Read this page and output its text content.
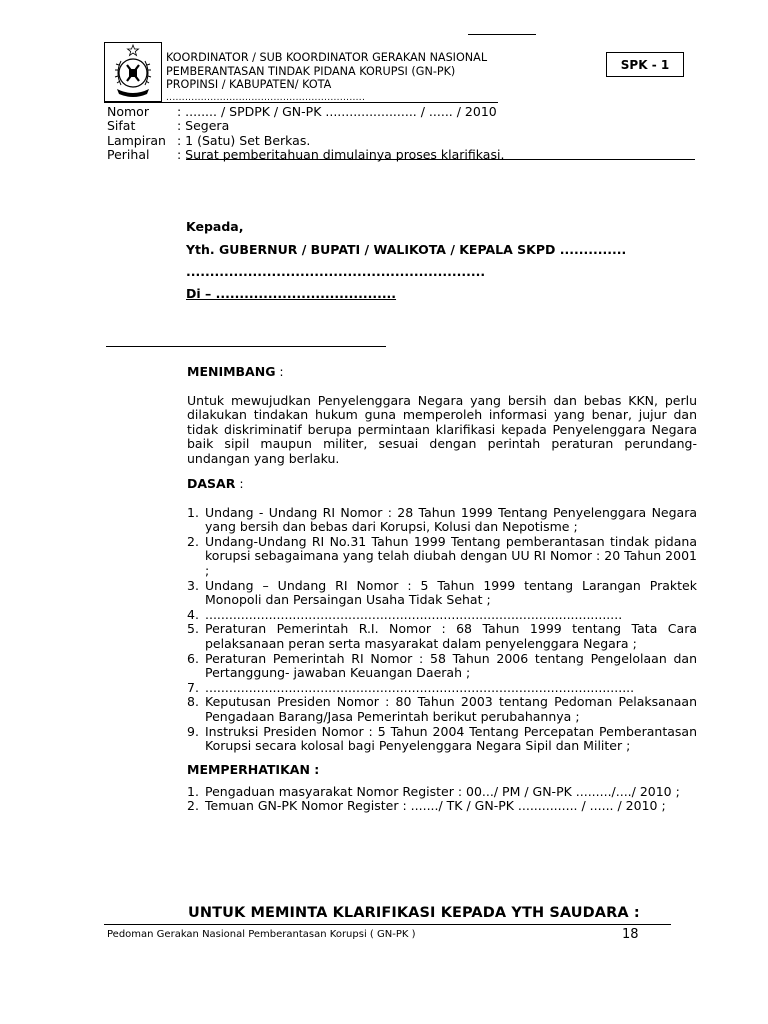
KOORDINATOR / SUB KOORDINATOR GERAKAN NASIONAL
PEMBERANTASAN TINDAK PIDANA KORUPSI (GN-PK)
PROPINSI / KABUPATEN/ KOTA
...............................................................
SPK - 1
Nomor	: ........ / SPDPK / GN-PK ....................... / ...... / 2010
Sifat	: Segera
Lampiran : 1 (Satu) Set Berkas.
Perihal	: Surat pemberitahuan dimulainya proses klarifikasi.
Kepada,
Yth. GUBERNUR / BUPATI / WALIKOTA / KEPALA SKPD ..............
...............................................................
Di – ......................................
MENIMBANG :
Untuk mewujudkan Penyelenggara Negara yang bersih dan bebas KKN, perlu dilakukan tindakan hukum guna memperoleh informasi yang benar, jujur dan tidak diskriminatif berupa permintaan klarifikasi kepada Penyelenggara Negara baik sipil maupun militer, sesuai dengan perintah peraturan perundang-undangan yang berlaku.
DASAR :
1. Undang - Undang RI Nomor : 28 Tahun 1999 Tentang Penyelenggara Negara yang bersih dan bebas dari Korupsi, Kolusi dan Nepotisme ;
2. Undang-Undang RI No.31 Tahun 1999 Tentang pemberantasan tindak pidana korupsi sebagaimana yang telah diubah dengan UU RI Nomor : 20 Tahun 2001 ;
3. Undang – Undang RI Nomor : 5 Tahun 1999 tentang Larangan Praktek Monopoli dan Persaingan Usaha Tidak Sehat ;
4. .........................................................................................................
5. Peraturan Pemerintah R.I. Nomor : 68 Tahun 1999 tentang Tata Cara pelaksanaan peran serta masyarakat dalam penyelenggara Negara ;
6. Peraturan Pemerintah RI Nomor : 58 Tahun 2006 tentang Pengelolaan dan Pertanggung- jawaban Keuangan Daerah ;
7. ............................................................................................................
8. Keputusan Presiden Nomor : 80 Tahun 2003 tentang Pedoman Pelaksanaan Pengadaan Barang/Jasa Pemerintah berikut perubahannya ;
9. Instruksi Presiden Nomor : 5 Tahun 2004 Tentang Percepatan Pemberantasan Korupsi secara kolosal bagi Penyelenggara Negara Sipil dan Militer ;
MEMPERHATIKAN :
1. Pengaduan masyarakat Nomor Register : 00.../ PM / GN-PK ........./..../ 2010 ;
2. Temuan GN-PK Nomor Register : ......./ TK / GN-PK ............... / ...... / 2010 ;
UNTUK MEMINTA KLARIFIKASI KEPADA YTH SAUDARA :
Pedoman Gerakan Nasional Pemberantasan Korupsi ( GN-PK )	18
